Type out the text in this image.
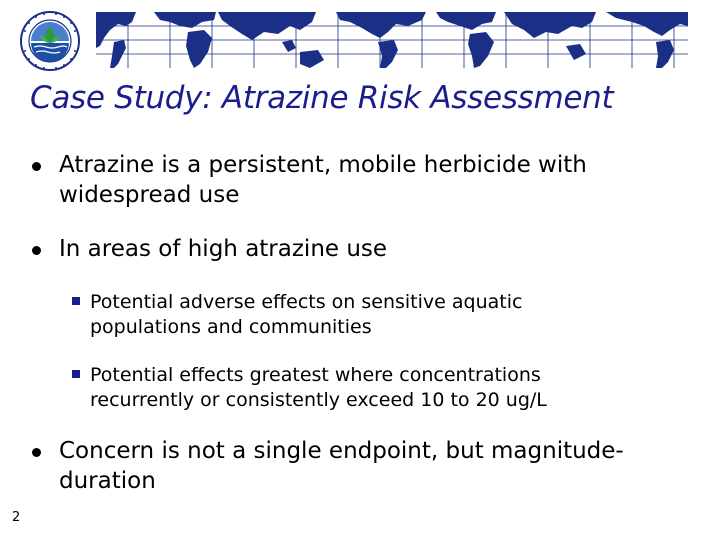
Case Study: Atrazine Risk Assessment
Atrazine is a persistent, mobile herbicide with
widespread use
In areas of high atrazine use
Potential adverse effects on sensitive aquatic
populations and communities
Potential effects greatest where concentrations
recurrently or consistently exceed 10 to 20 ug/L
Concern is not a single endpoint, but magnitude-
duration
2
